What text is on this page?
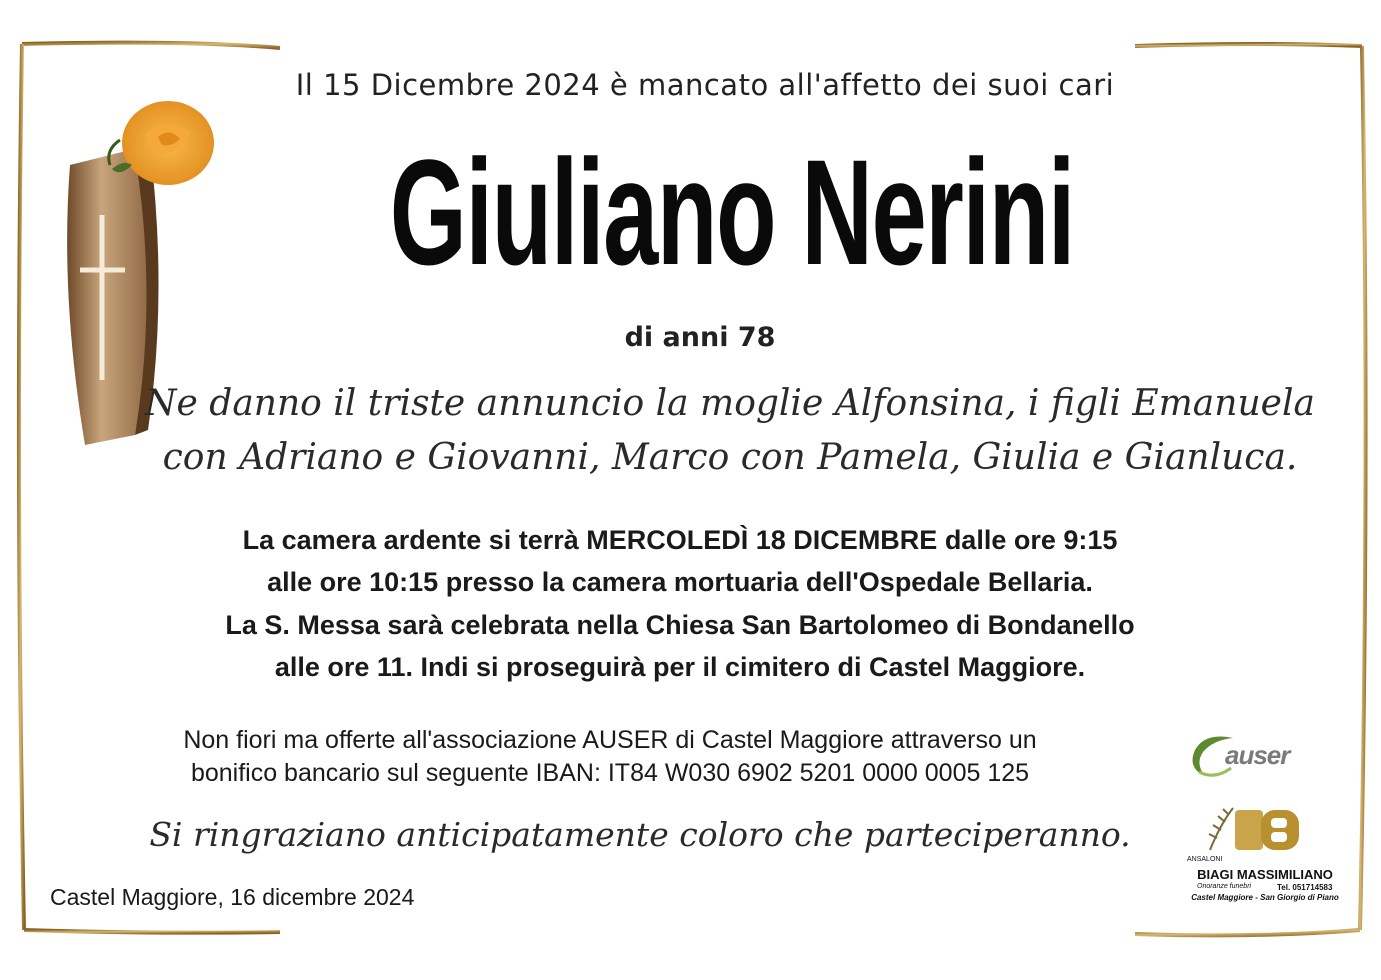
Il 15 Dicembre 2024 è mancato all'affetto dei suoi cari
Giuliano Nerini
di anni 78
Ne danno il triste annuncio la moglie Alfonsina, i figli Emanuela
con Adriano e Giovanni, Marco con Pamela, Giulia e Gianluca.
La camera ardente si terrà MERCOLEDÌ 18 DICEMBRE dalle ore 9:15
alle ore 10:15 presso la camera mortuaria dell'Ospedale Bellaria.
La S. Messa sarà celebrata nella Chiesa San Bartolomeo di Bondanello
alle ore 11. Indi si proseguirà per il cimitero di Castel Maggiore.
Non fiori ma offerte all'associazione AUSER di Castel Maggiore attraverso un
bonifico bancario sul seguente IBAN: IT84 W030 6902 5201 0000 0005 125
Si ringraziano anticipatamente coloro che parteciperanno.
Castel Maggiore, 16 dicembre 2024
auser
ANSALONI
BIAGI MASSIMILIANO
Onoranze funebri	Tel. 051714583
Castel Maggiore - San Giorgio di Piano
